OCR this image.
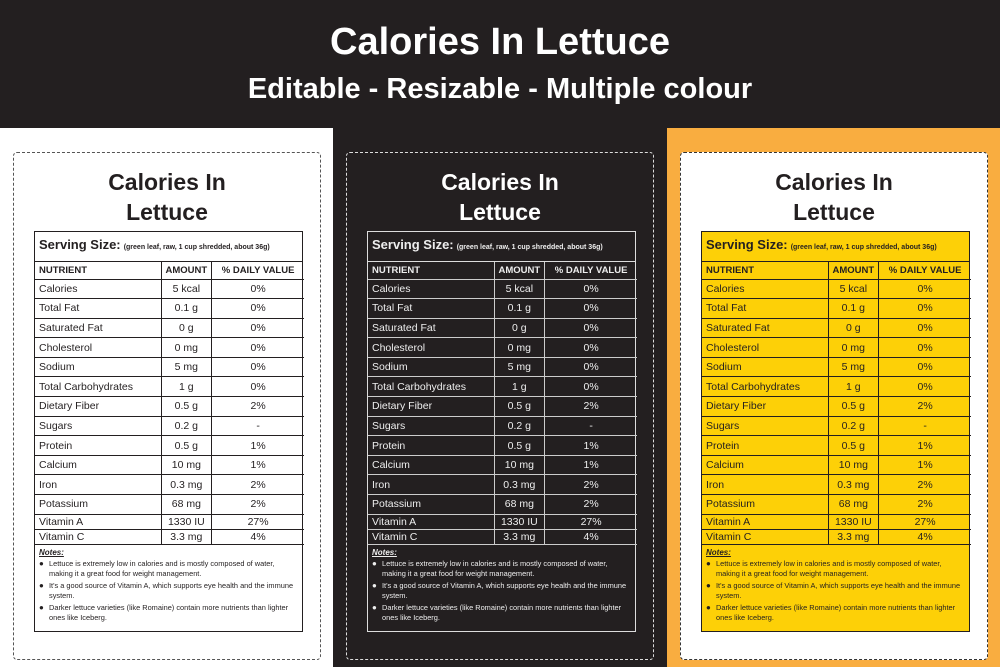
Calories In Lettuce
Editable - Resizable - Multiple colour
Calories In
Lettuce
Serving Size: (green leaf, raw, 1 cup shredded, about 36g)
NUTRIENT	AMOUNT	% DAILY VALUE
Calories	5 kcal	0%
Total Fat	0.1 g	0%
Saturated Fat	0 g	0%
Cholesterol	0 mg	0%
Sodium	5 mg	0%
Total Carbohydrates	1 g	0%
Dietary Fiber	0.5 g	2%
Sugars	0.2 g	-
Protein	0.5 g	1%
Calcium	10 mg	1%
Iron	0.3 mg	2%
Potassium	68 mg	2%
Vitamin A	1330 IU	27%
Vitamin C	3.3 mg	4%
Notes:
● Lettuce is extremely low in calories and is mostly composed of water, making it a great food for weight management.
● It's a good source of Vitamin A, which supports eye health and the immune system.
● Darker lettuce varieties (like Romaine) contain more nutrients than lighter ones like Iceberg.
Calories In
Lettuce
Serving Size: (green leaf, raw, 1 cup shredded, about 36g)
NUTRIENT	AMOUNT	% DAILY VALUE
Calories	5 kcal	0%
Total Fat	0.1 g	0%
Saturated Fat	0 g	0%
Cholesterol	0 mg	0%
Sodium	5 mg	0%
Total Carbohydrates	1 g	0%
Dietary Fiber	0.5 g	2%
Sugars	0.2 g	-
Protein	0.5 g	1%
Calcium	10 mg	1%
Iron	0.3 mg	2%
Potassium	68 mg	2%
Vitamin A	1330 IU	27%
Vitamin C	3.3 mg	4%
Notes:
● Lettuce is extremely low in calories and is mostly composed of water, making it a great food for weight management.
● It's a good source of Vitamin A, which supports eye health and the immune system.
● Darker lettuce varieties (like Romaine) contain more nutrients than lighter ones like Iceberg.
Calories In
Lettuce
Serving Size: (green leaf, raw, 1 cup shredded, about 36g)
NUTRIENT	AMOUNT	% DAILY VALUE
Calories	5 kcal	0%
Total Fat	0.1 g	0%
Saturated Fat	0 g	0%
Cholesterol	0 mg	0%
Sodium	5 mg	0%
Total Carbohydrates	1 g	0%
Dietary Fiber	0.5 g	2%
Sugars	0.2 g	-
Protein	0.5 g	1%
Calcium	10 mg	1%
Iron	0.3 mg	2%
Potassium	68 mg	2%
Vitamin A	1330 IU	27%
Vitamin C	3.3 mg	4%
Notes:
● Lettuce is extremely low in calories and is mostly composed of water, making it a great food for weight management.
● It's a good source of Vitamin A, which supports eye health and the immune system.
● Darker lettuce varieties (like Romaine) contain more nutrients than lighter ones like Iceberg.
